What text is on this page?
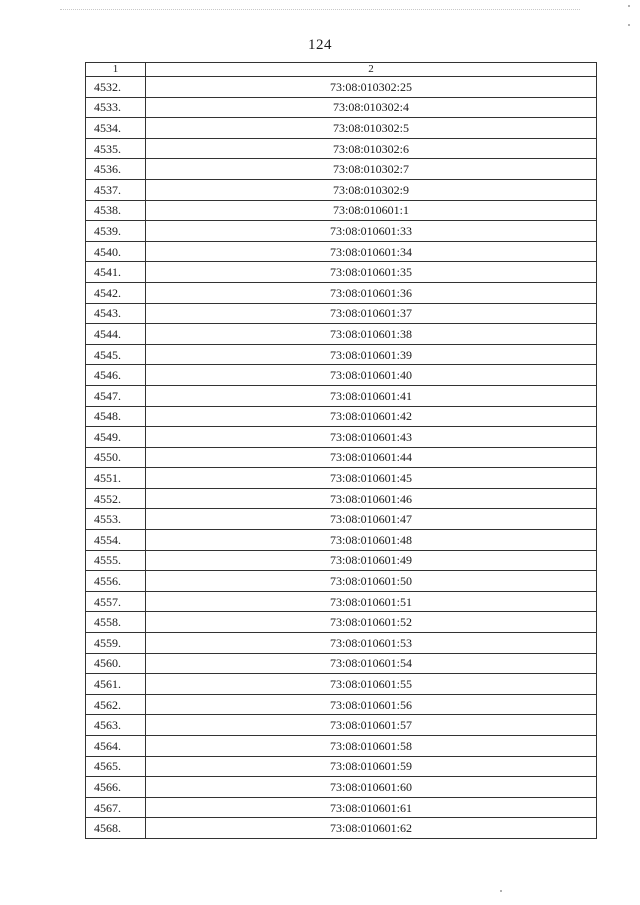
124
1	2
4532.	73:08:010302:25
4533.	73:08:010302:4
4534.	73:08:010302:5
4535.	73:08:010302:6
4536.	73:08:010302:7
4537.	73:08:010302:9
4538.	73:08:010601:1
4539.	73:08:010601:33
4540.	73:08:010601:34
4541.	73:08:010601:35
4542.	73:08:010601:36
4543.	73:08:010601:37
4544.	73:08:010601:38
4545.	73:08:010601:39
4546.	73:08:010601:40
4547.	73:08:010601:41
4548.	73:08:010601:42
4549.	73:08:010601:43
4550.	73:08:010601:44
4551.	73:08:010601:45
4552.	73:08:010601:46
4553.	73:08:010601:47
4554.	73:08:010601:48
4555.	73:08:010601:49
4556.	73:08:010601:50
4557.	73:08:010601:51
4558.	73:08:010601:52
4559.	73:08:010601:53
4560.	73:08:010601:54
4561.	73:08:010601:55
4562.	73:08:010601:56
4563.	73:08:010601:57
4564.	73:08:010601:58
4565.	73:08:010601:59
4566.	73:08:010601:60
4567.	73:08:010601:61
4568.	73:08:010601:62
